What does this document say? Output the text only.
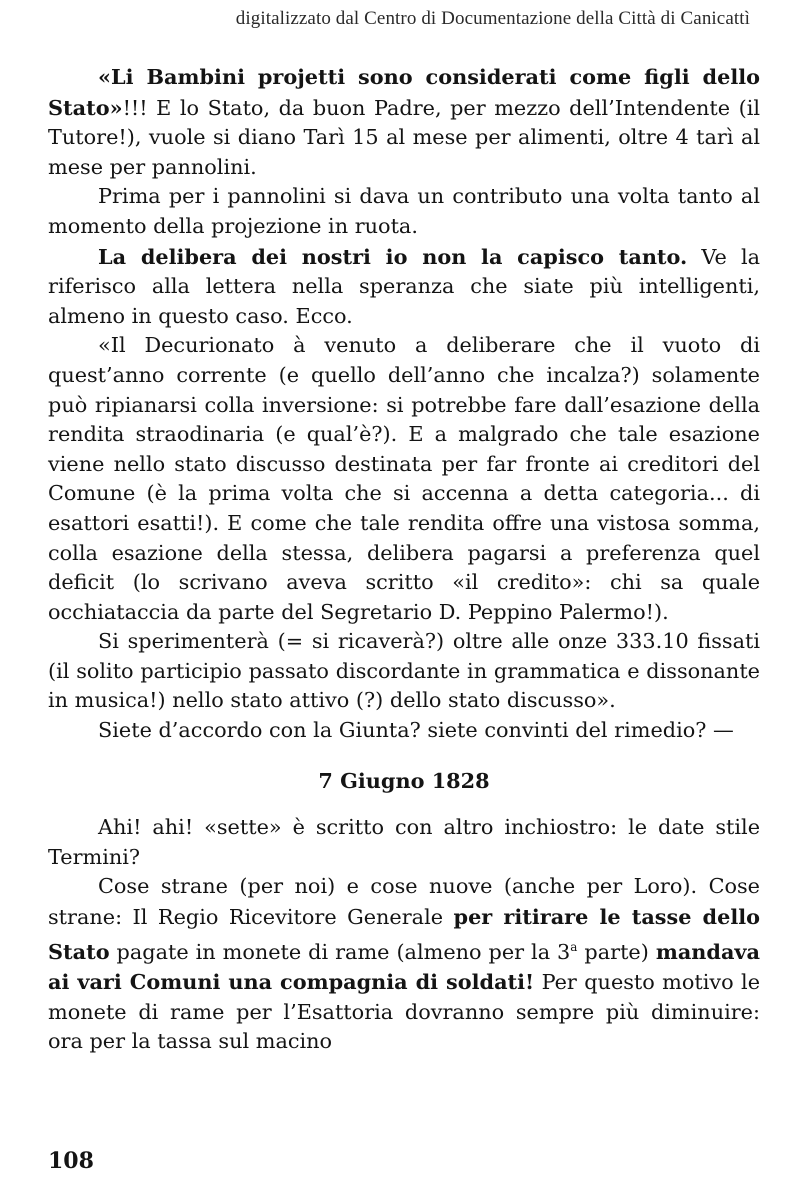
digitalizzato dal Centro di Documentazione della Città di Canicattì

«Li Bambini projetti sono considerati come figli dello Stato»!!! E lo Stato, da buon Padre, per mezzo dell’Intendente (il Tutore!), vuole si diano Tarì 15 al mese per alimenti, oltre 4 tarì al mese per pannolini.

Prima per i pannolini si dava un contributo una volta tanto al momento della projezione in ruota.

La delibera dei nostri io non la capisco tanto. Ve la riferisco alla lettera nella speranza che siate più intelligenti, almeno in questo caso. Ecco.

«Il Decurionato à venuto a deliberare che il vuoto di quest’anno corrente (e quello dell’anno che incalza?) solamente può ripianarsi colla inversione: si potrebbe fare dall’esazione della rendita straodinaria (e qual’è?). E a malgrado che tale esazione viene nello stato discusso destinata per far fronte ai creditori del Comune (è la prima volta che si accenna a detta categoria... di esattori esatti!). E come che tale rendita offre una vistosa somma, colla esazione della stessa, delibera pagarsi a preferenza quel deficit (lo scrivano aveva scritto «il credito»: chi sa quale occhiataccia da parte del Segretario D. Peppino Palermo!).

Si sperimenterà (= si ricaverà?) oltre alle onze 333.10 fissati (il solito participio passato discordante in grammatica e dissonante in musica!) nello stato attivo (?) dello stato discusso».

Siete d’accordo con la Giunta? siete convinti del rimedio? —

7 Giugno 1828

Ahi! ahi! «sette» è scritto con altro inchiostro: le date stile Termini?

Cose strane (per noi) e cose nuove (anche per Loro). Cose strane: Il Regio Ricevitore Generale per ritirare le tasse dello Stato pagate in monete di rame (almeno per la 3$^a$ parte) mandava ai vari Comuni una compagnia di soldati! Per questo motivo le monete di rame per l’Esattoria dovranno sempre più diminuire: ora per la tassa sul macino

108
